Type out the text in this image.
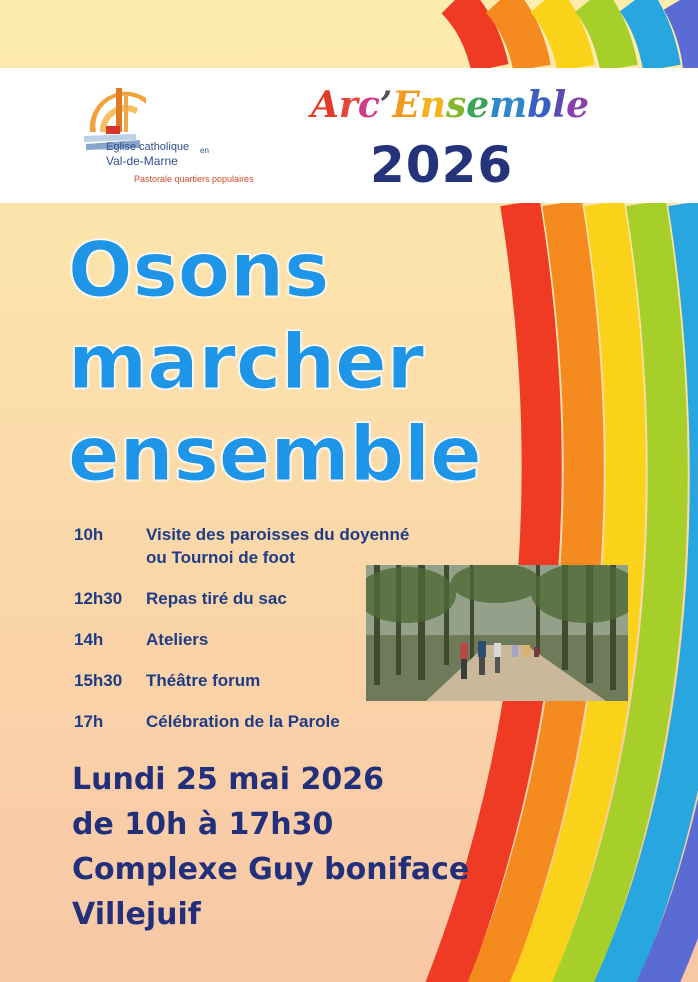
Eglise catholique en
Val-de-Marne
Pastorale quartiers populaires
Arc’Ensemble
2026
Osons
marcher
ensemble
10h	Visite des paroisses du doyenné
ou Tournoi de foot
12h30	Repas tiré du sac
14h	Ateliers
15h30	Théâtre forum
17h	Célébration de la Parole
Lundi 25 mai 2026
de 10h à 17h30
Complexe Guy boniface
Villejuif
